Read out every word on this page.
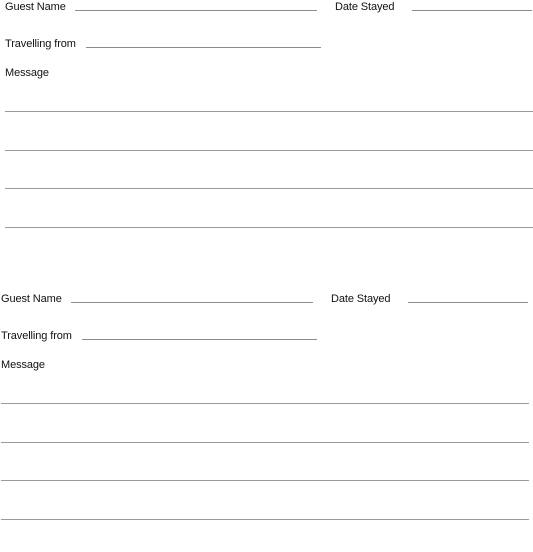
Guest Name	Date Stayed
Travelling from
Message
Guest Name	Date Stayed
Travelling from
Message
